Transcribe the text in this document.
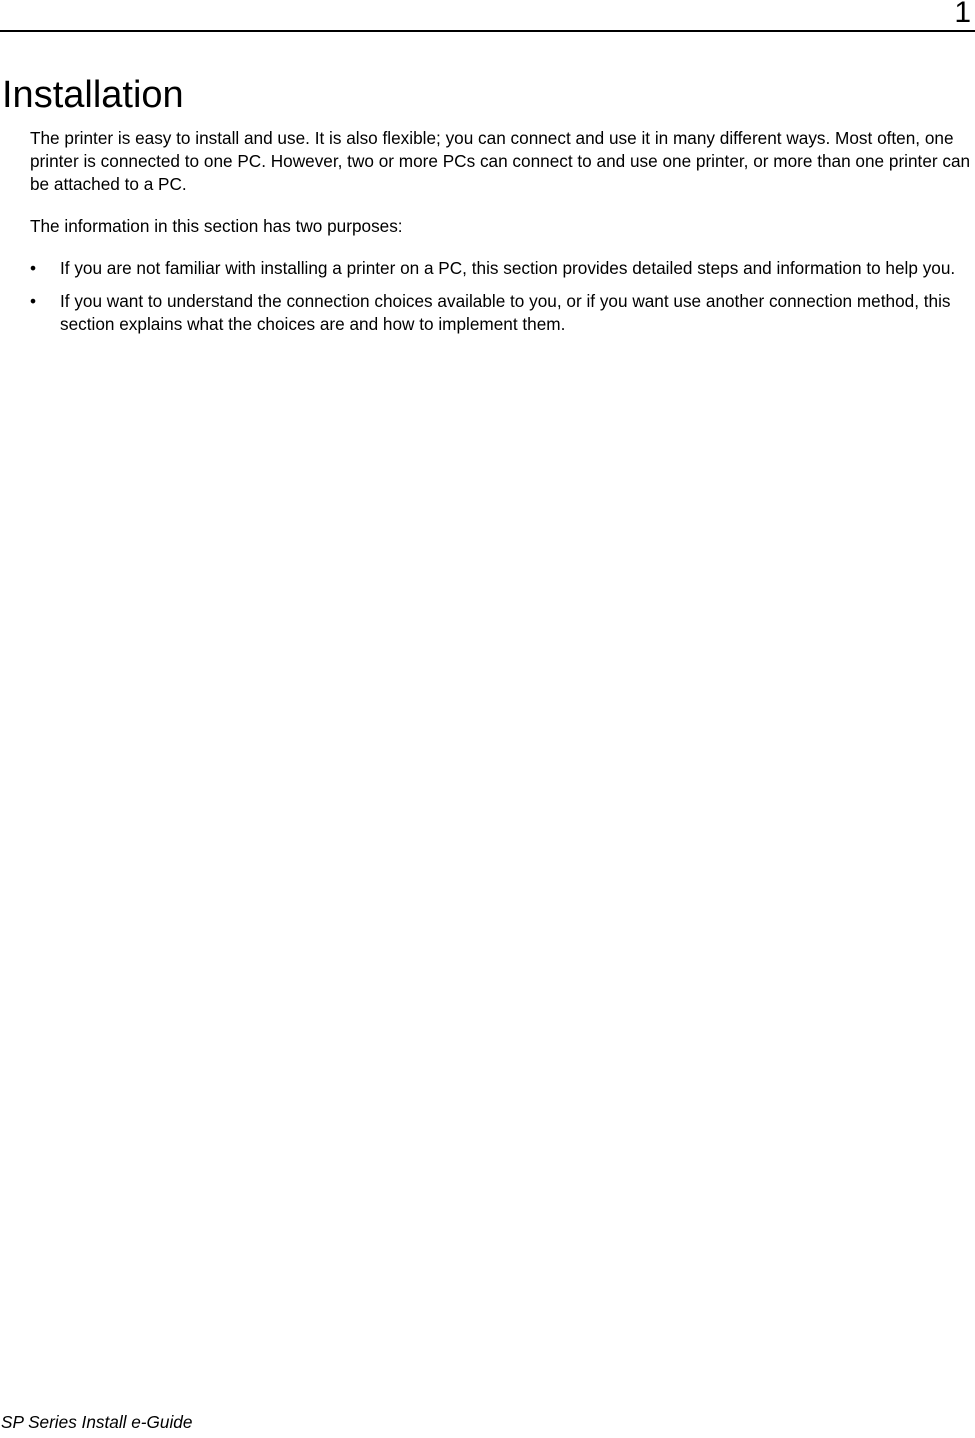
1
Installation

The printer is easy to install and use. It is also flexible; you can connect and use it in many different ways. Most often, one printer is connected to one PC. However, two or more PCs can connect to and use one printer, or more than one printer can be attached to a PC.

The information in this section has two purposes:

• If you are not familiar with installing a printer on a PC, this section provides detailed steps and information to help you.
• If you want to understand the connection choices available to you, or if you want use another connection method, this section explains what the choices are and how to implement them.
SP Series Install e-Guide
